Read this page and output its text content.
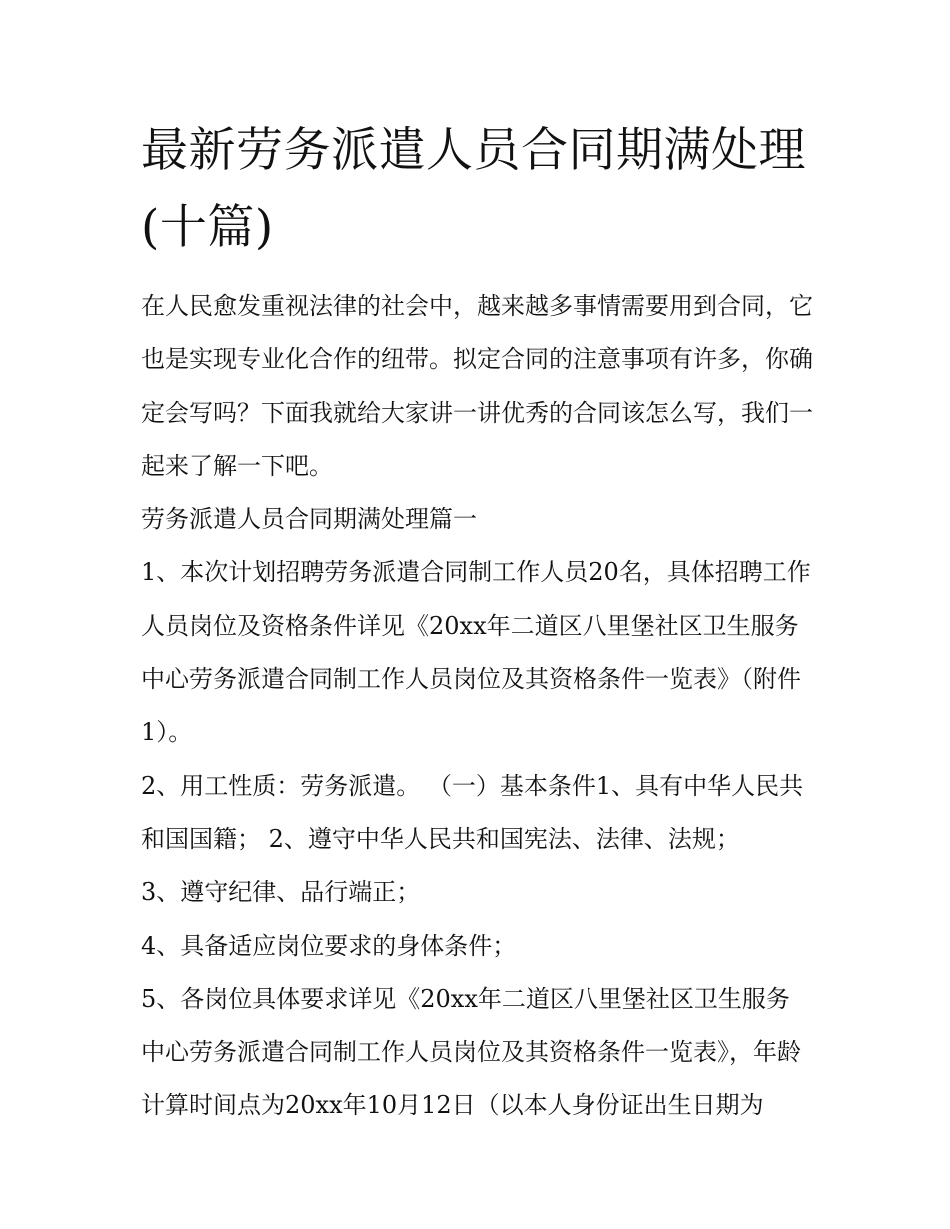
最新劳务派遣人员合同期满处理(十篇)

在人民愈发重视法律的社会中，越来越多事情需要用到合同，它也是实现专业化合作的纽带。拟定合同的注意事项有许多，你确定会写吗？下面我就给大家讲一讲优秀的合同该怎么写，我们一起来了解一下吧。

劳务派遣人员合同期满处理篇一

1、本次计划招聘劳务派遣合同制工作人员20名，具体招聘工作人员岗位及资格条件详见《20xx年二道区八里堡社区卫生服务中心劳务派遣合同制工作人员岗位及其资格条件一览表》（附件1）。

2、用工性质：劳务派遣。 （一）基本条件1、具有中华人民共和国国籍； 2、遵守中华人民共和国宪法、法律、法规；

3、遵守纪律、品行端正；

4、具备适应岗位要求的身体条件；

5、各岗位具体要求详见《20xx年二道区八里堡社区卫生服务中心劳务派遣合同制工作人员岗位及其资格条件一览表》，年龄计算时间点为20xx年10月12日（以本人身份证出生日期为
